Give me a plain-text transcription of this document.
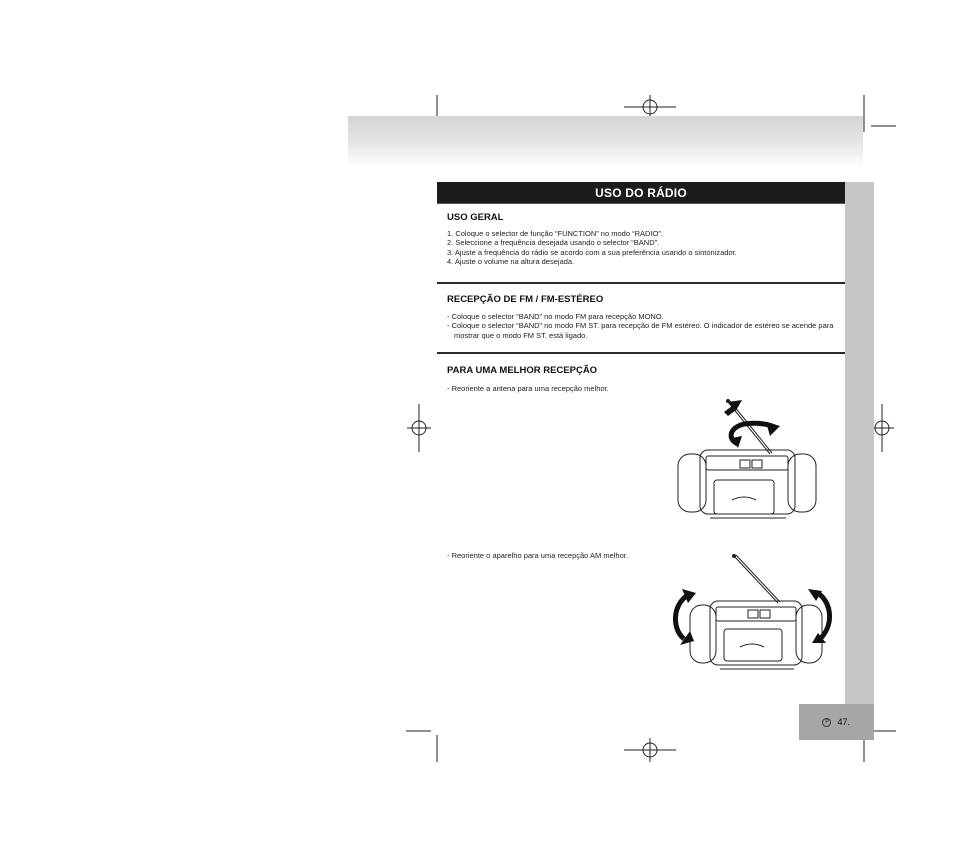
P 47.
USO DO RÁDIO
USO GERAL
1. Coloque o selector de função “FUNCTION” no modo “RADIO”.
2. Seleccione a frequência desejada usando o selector “BAND”.
3. Ajuste a frequência do rádio se acordo com a sua preferência usando o sintonizador.
4. Ajuste o volume na altura desejada.
RECEPÇÃO DE FM / FM-ESTÉREO
- Coloque o selector “BAND” no modo FM para recepção MONO.
- Coloque o selector “BAND” no modo FM ST. para recepção de FM estéreo. O indicador de estéreo se acende para mostrar que o modo FM ST. está ligado.
PARA UMA MELHOR RECEPÇÃO
- Reoriente a antena para uma recepção melhor.
- Reoriente o aparelho para uma recepção AM melhor.
